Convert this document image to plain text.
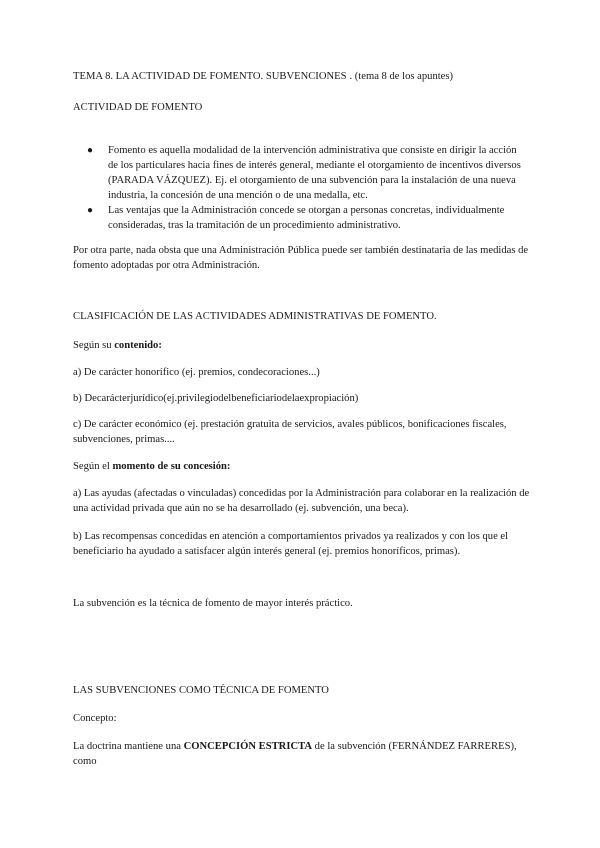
TEMA 8. LA ACTIVIDAD DE FOMENTO. SUBVENCIONES . (tema 8 de los apuntes)
ACTIVIDAD DE FOMENTO
● Fomento es aquella modalidad de la intervención administrativa que consiste en dirigir la acción de los particulares hacia fines de interés general, mediante el otorgamiento de incentivos diversos (PARADA VÁZQUEZ). Ej. el otorgamiento de una subvención para la instalación de una nueva industria, la concesión de una mención o de una medalla, etc.
● Las ventajas que la Administración concede se otorgan a personas concretas, individualmente consideradas, tras la tramitación de un procedimiento administrativo.
Por otra parte, nada obsta que una Administración Pública puede ser también destinataria de las medidas de fomento adoptadas por otra Administración.
CLASIFICACIÓN DE LAS ACTIVIDADES ADMINISTRATIVAS DE FOMENTO.
Según su contenido:
a) De carácter honorífico (ej. premios, condecoraciones...)
b) Decarácterjurídico(ej.privilegiodelbeneficiariodelaexpropiación)
c) De carácter económico (ej. prestación gratuita de servicios, avales públicos, bonificaciones fiscales, subvenciones, primas....
Según el momento de su concesión:
a) Las ayudas (afectadas o vinculadas) concedidas por la Administración para colaborar en la realización de una actividad privada que aún no se ha desarrollado (ej. subvención, una beca).
b) Las recompensas concedidas en atención a comportamientos privados ya realizados y con los que el beneficiario ha ayudado a satisfacer algún interés general (ej. premios honoríficos, primas).
La subvención es la técnica de fomento de mayor interés práctico.
LAS SUBVENCIONES COMO TÉCNICA DE FOMENTO
Concepto:
La doctrina mantiene una CONCEPCIÓN ESTRICTA de la subvención (FERNÁNDEZ FARRERES), como
